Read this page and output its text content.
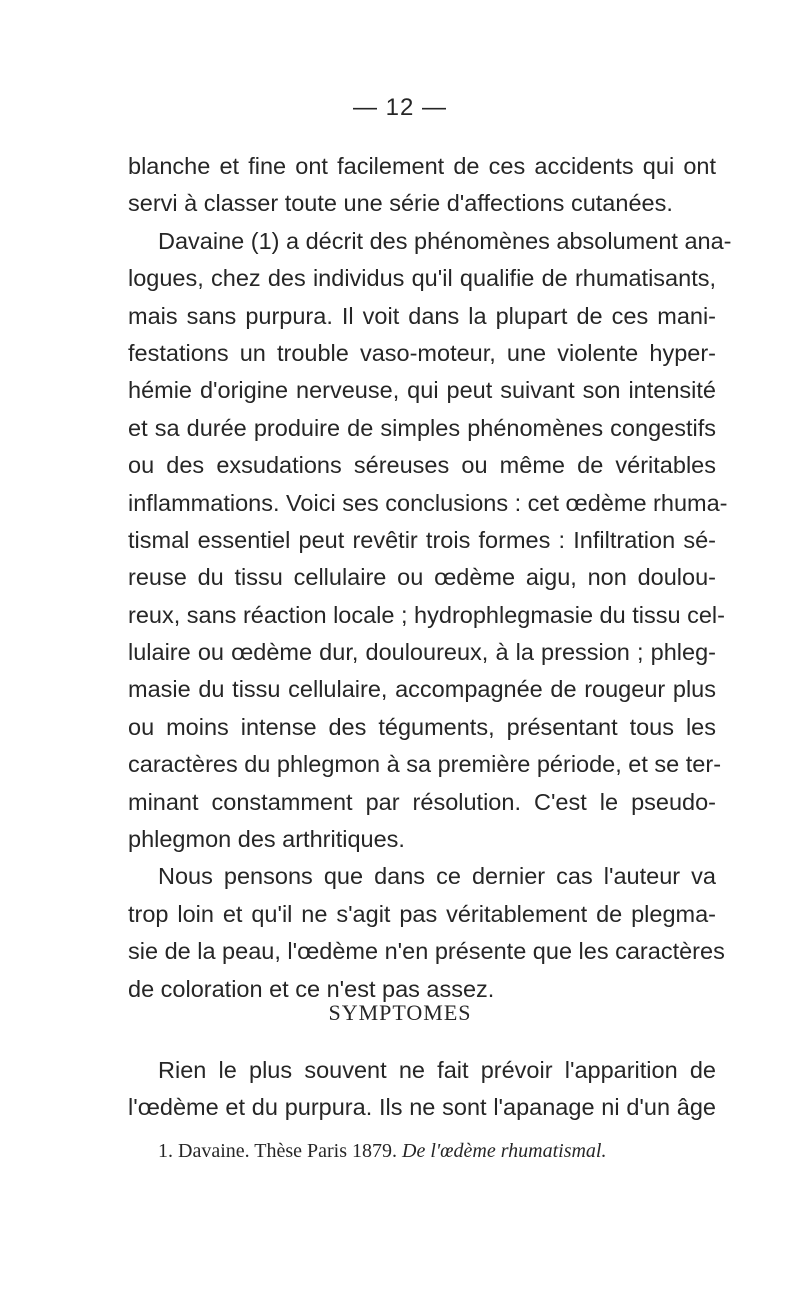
— 12 —
blanche et fine ont facilement de ces accidents qui ont
servi à classer toute une série d'affections cutanées.
Davaine (1) a décrit des phénomènes absolument ana-
logues, chez des individus qu'il qualifie de rhumatisants,
mais sans purpura. Il voit dans la plupart de ces mani-
festations un trouble vaso-moteur, une violente hyper-
hémie d'origine nerveuse, qui peut suivant son intensité
et sa durée produire de simples phénomènes congestifs
ou des exsudations séreuses ou même de véritables
inflammations. Voici ses conclusions : cet œdème rhuma-
tismal essentiel peut revêtir trois formes : Infiltration sé-
reuse du tissu cellulaire ou œdème aigu, non doulou-
reux, sans réaction locale ; hydrophlegmasie du tissu cel-
lulaire ou œdème dur, douloureux, à la pression ; phleg-
masie du tissu cellulaire, accompagnée de rougeur plus
ou moins intense des téguments, présentant tous les
caractères du phlegmon à sa première période, et se ter-
minant constamment par résolution. C'est le pseudo-
phlegmon des arthritiques.
Nous pensons que dans ce dernier cas l'auteur va
trop loin et qu'il ne s'agit pas véritablement de plegma-
sie de la peau, l'œdème n'en présente que les caractères
de coloration et ce n'est pas assez.
SYMPTOMES
Rien le plus souvent ne fait prévoir l'apparition de
l'œdème et du purpura. Ils ne sont l'apanage ni d'un âge
1. Davaine. Thèse Paris 1879. De l'œdème rhumatismal.
